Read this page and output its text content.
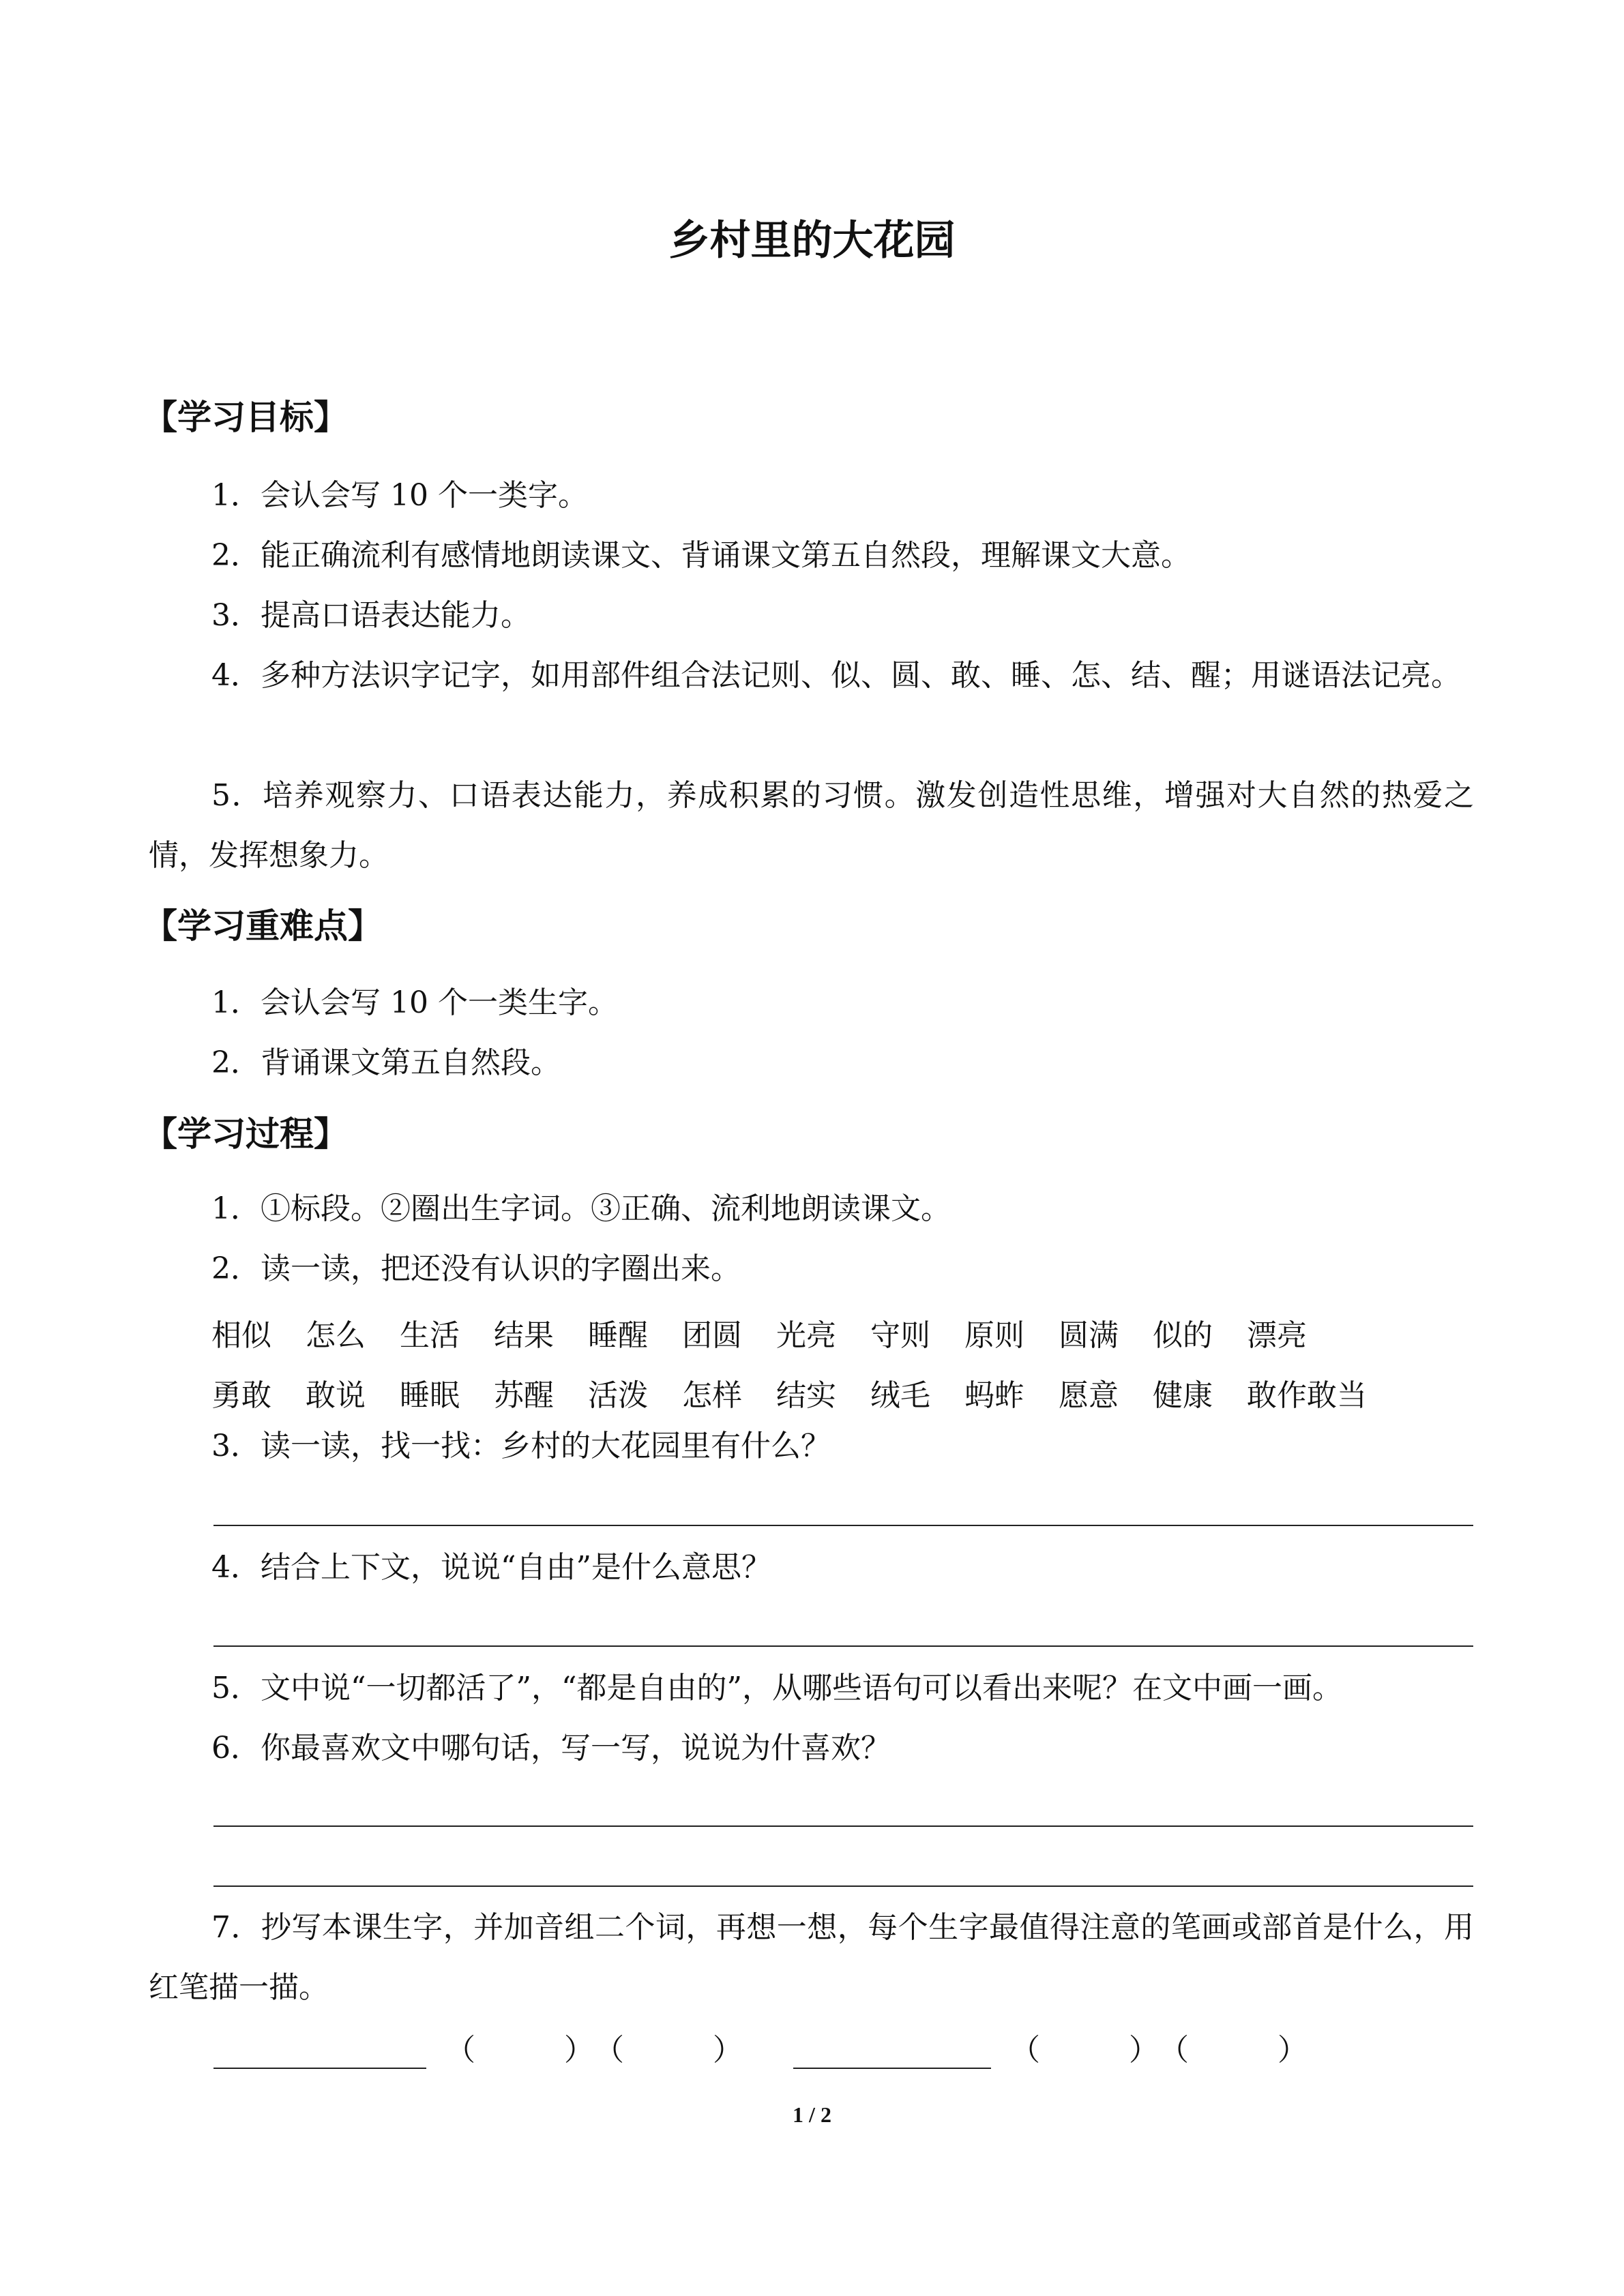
乡村里的大花园
【学习目标】
1．会认会写 10 个一类字。
2．能正确流利有感情地朗读课文、背诵课文第五自然段，理解课文大意。
3．提高口语表达能力。
4．多种方法识字记字，如用部件组合法记则、似、圆、敢、睡、怎、结、醒；用谜语法记亮。
5．培养观察力、口语表达能力，养成积累的习惯。激发创造性思维，增强对大自然的热爱之情，发挥想象力。
【学习重难点】
1．会认会写 10 个一类生字。
2．背诵课文第五自然段。
【学习过程】
1．①标段。②圈出生字词。③正确、流利地朗读课文。
2．读一读，把还没有认识的字圈出来。
相似 怎么 生活 结果 睡醒 团圆 光亮 守则 原则 圆满 似的 漂亮
勇敢 敢说 睡眠 苏醒 活泼 怎样 结实 绒毛 蚂蚱 愿意 健康 敢作敢当
3．读一读，找一找：乡村的大花园里有什么？
4．结合上下文，说说“自由”是什么意思？
5．文中说“一切都活了”，“都是自由的”，从哪些语句可以看出来呢？在文中画一画。
6．你最喜欢文中哪句话，写一写，说说为什喜欢？
7．抄写本课生字，并加音组二个词，再想一想，每个生字最值得注意的笔画或部首是什么，用红笔描一描。
（	）（	）	（	）（	）
1 / 2
